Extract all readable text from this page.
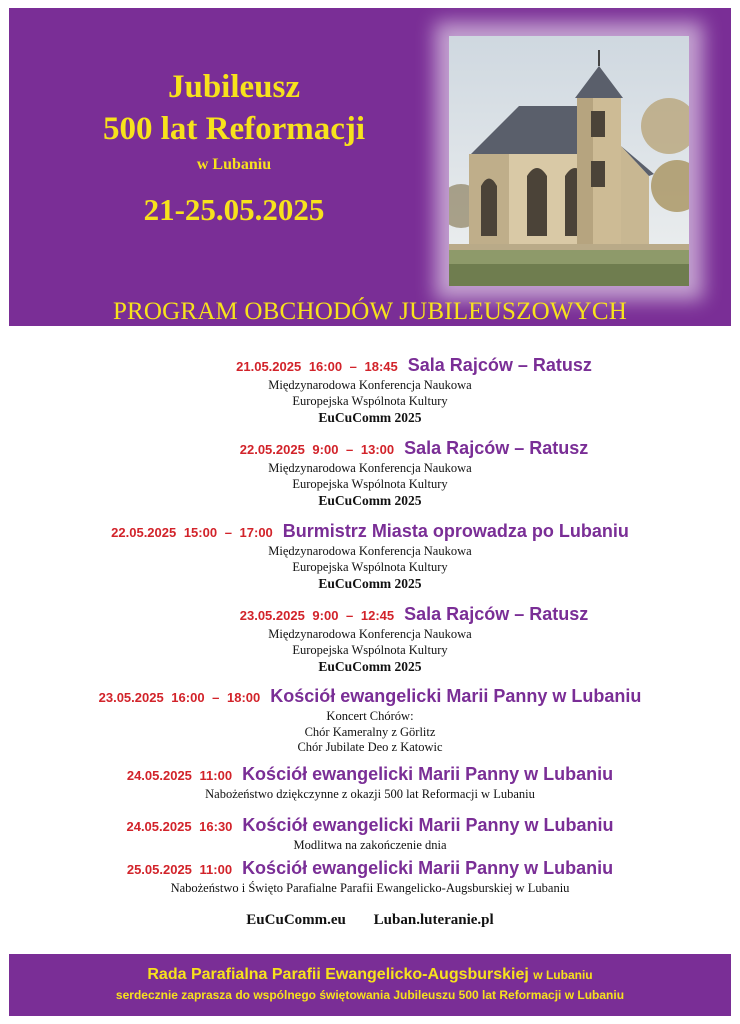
Jubileusz
500 lat Reformacji
w Lubaniu
21-25.05.2025
PROGRAM OBCHODÓW JUBILEUSZOWYCH
21.05.2025 16:00 – 18:45 Sala Rajców – Ratusz
Międzynarodowa Konferencja Naukowa
Europejska Wspólnota Kultury
EuCuComm 2025
22.05.2025 9:00 – 13:00 Sala Rajców – Ratusz
Międzynarodowa Konferencja Naukowa
Europejska Wspólnota Kultury
EuCuComm 2025
22.05.2025 15:00 – 17:00 Burmistrz Miasta oprowadza po Lubaniu
Międzynarodowa Konferencja Naukowa
Europejska Wspólnota Kultury
EuCuComm 2025
23.05.2025 9:00 – 12:45 Sala Rajców – Ratusz
Międzynarodowa Konferencja Naukowa
Europejska Wspólnota Kultury
EuCuComm 2025
23.05.2025 16:00 – 18:00 Kościół ewangelicki Marii Panny w Lubaniu
Koncert Chórów:
Chór Kameralny z Görlitz
Chór Jubilate Deo z Katowic
24.05.2025 11:00 Kościół ewangelicki Marii Panny w Lubaniu
Nabożeństwo dziękczynne z okazji 500 lat Reformacji w Lubaniu
24.05.2025 16:30 Kościół ewangelicki Marii Panny w Lubaniu
Modlitwa na zakończenie dnia
25.05.2025 11:00 Kościół ewangelicki Marii Panny w Lubaniu
Nabożeństwo i Święto Parafialne Parafii Ewangelicko-Augsburskiej w Lubaniu
EuCuComm.eu Luban.luteranie.pl
Rada Parafialna Parafii Ewangelicko-Augsburskiej w Lubaniu
serdecznie zaprasza do wspólnego świętowania Jubileuszu 500 lat Reformacji w Lubaniu
